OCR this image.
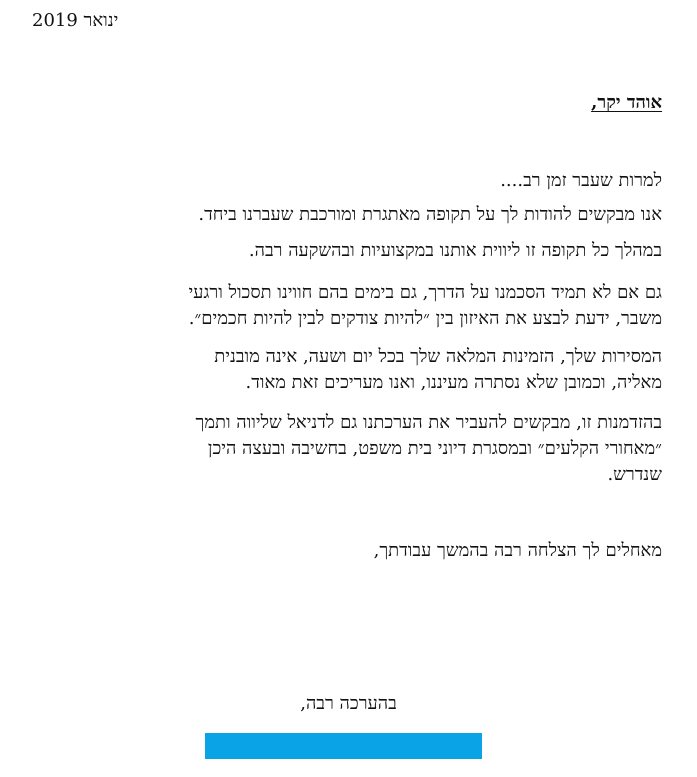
ינואר 2019
אוהד יקר,
למרות שעבר זמן רב....
אנו מבקשים להודות לך על תקופה מאתגרת ומורכבת שעברנו ביחד.
במהלך כל תקופה זו ליווית אותנו במקצועיות ובהשקעה רבה.
גם אם לא תמיד הסכמנו על הדרך, גם בימים בהם חווינו תסכול ורגעי
משבר, ידעת לבצע את האיזון בין ״להיות צודקים לבין להיות חכמים״.
המסירות שלך, הזמינות המלאה שלך בכל יום ושעה, אינה מובנית
מאליה, וכמובן שלא נסתרה מעיננו, ואנו מעריכים זאת מאוד.
בהזדמנות זו, מבקשים להעביר את הערכתנו גם לדניאל שליווה ותמך
״מאחורי הקלעים״ ובמסגרת דיוני בית משפט, בחשיבה ובעצה היכן
שנדרש.
מאחלים לך הצלחה רבה בהמשך עבודתך,
בהערכה רבה,
